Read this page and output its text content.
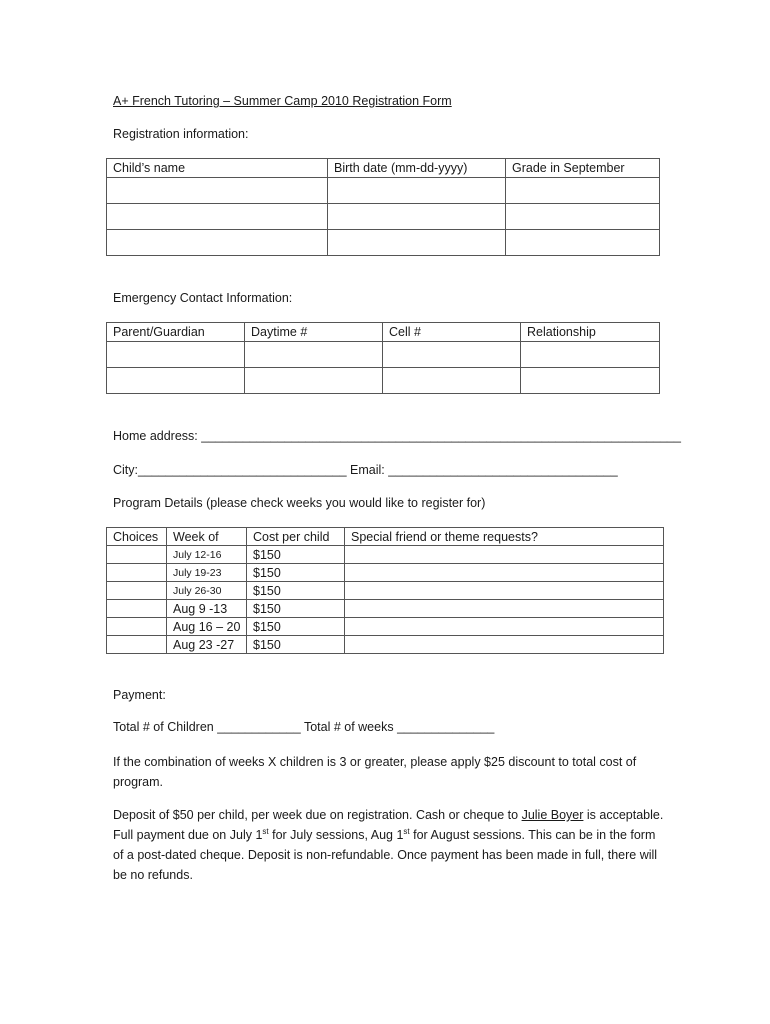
A+ French Tutoring – Summer Camp 2010 Registration Form
Registration information:
Child’s name	Birth date (mm-dd-yyyy)	Grade in September

Emergency Contact Information:
Parent/Guardian	Daytime #	Cell #	Relationship

Home address: _____________________________________________________________________
City:______________________________ Email: _________________________________
Program Details (please check weeks you would like to register for)
Choices	Week of	Cost per child	Special friend or theme requests?
	July 12-16	$150	
	July 19-23	$150	
	July 26-30	$150	
	Aug 9 -13	$150	
	Aug 16 – 20	$150	
	Aug 23 -27	$150	
Payment:
Total # of Children ____________ Total # of weeks ______________
If the combination of weeks X children is 3 or greater, please apply $25 discount to total cost of program.
Deposit of $50 per child, per week due on registration. Cash or cheque to Julie Boyer is acceptable. Full payment due on July 1st for July sessions, Aug 1st for August sessions. This can be in the form of a post-dated cheque. Deposit is non-refundable. Once payment has been made in full, there will be no refunds.
